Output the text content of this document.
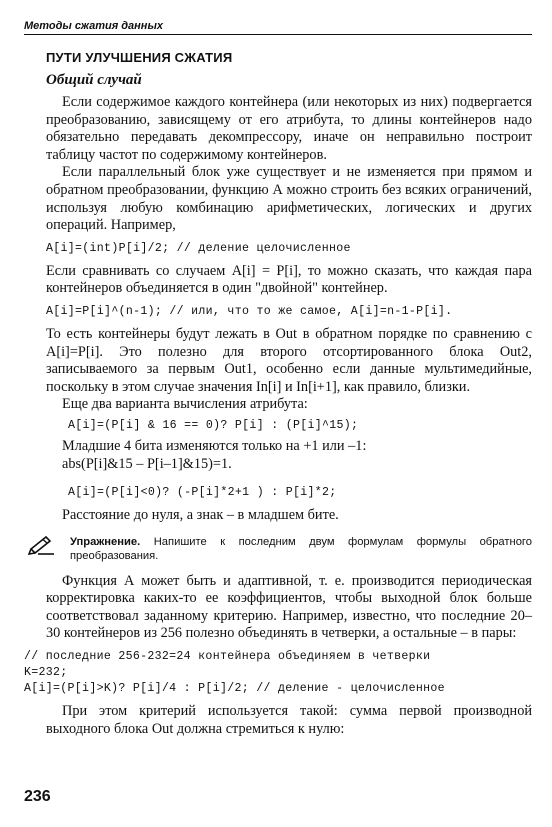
Методы сжатия данных
ПУТИ УЛУЧШЕНИЯ СЖАТИЯ
Общий случай

Если содержимое каждого контейнера (или некоторых из них) подвергается преобразованию, зависящему от его атрибута, то длины контейнеров надо обязательно передавать декомпрессору, иначе он неправильно построит таблицу частот по содержимому контейнеров.

Если параллельный блок уже существует и не изменяется при прямом и обратном преобразовании, функцию А можно строить без всяких ограничений, используя любую комбинацию арифметических, логических и других операций. Например,

A[i]=(int)P[i]/2; // деление целочисленное

Если сравнивать со случаем A[i] = P[i], то можно сказать, что каждая пара контейнеров объединяется в один "двойной" контейнер.

A[i]=P[i]^(n-1); // или, что то же самое, A[i]=n-1-P[i].

То есть контейнеры будут лежать в Out в обратном порядке по сравнению с A[i]=P[i]. Это полезно для второго отсортированного блока Out2, записываемого за первым Out1, особенно если данные мультимедийные, поскольку в этом случае значения In[i] и In[i+1], как правило, близки.

Еще два варианта вычисления атрибута:

A[i]=(P[i] & 16 == 0)? P[i] : (P[i]^15);

Младшие 4 бита изменяются только на +1 или –1:

abs(P[i]&15 – P[i–1]&15)=1.

A[i]=(P[i]<0)? (-P[i]*2+1 ) : P[i]*2;

Расстояние до нуля, а знак – в младшем бите.

Упражнение. Напишите к последним двум формулам формулы обратного преобразования.

Функция А может быть и адаптивной, т. е. производится периодическая корректировка каких-то ее коэффициентов, чтобы выходной блок больше соответствовал заданному критерию. Например, известно, что последние 20–30 контейнеров из 256 полезно объединять в четверки, а остальные – в пары:

// последние 256-232=24 контейнера объединяем в четверки
K=232;
A[i]=(P[i]>K)? P[i]/4 : P[i]/2; // деление - целочисленное

При этом критерий используется такой: сумма первой производной выходного блока Out должна стремиться к нулю:

236
